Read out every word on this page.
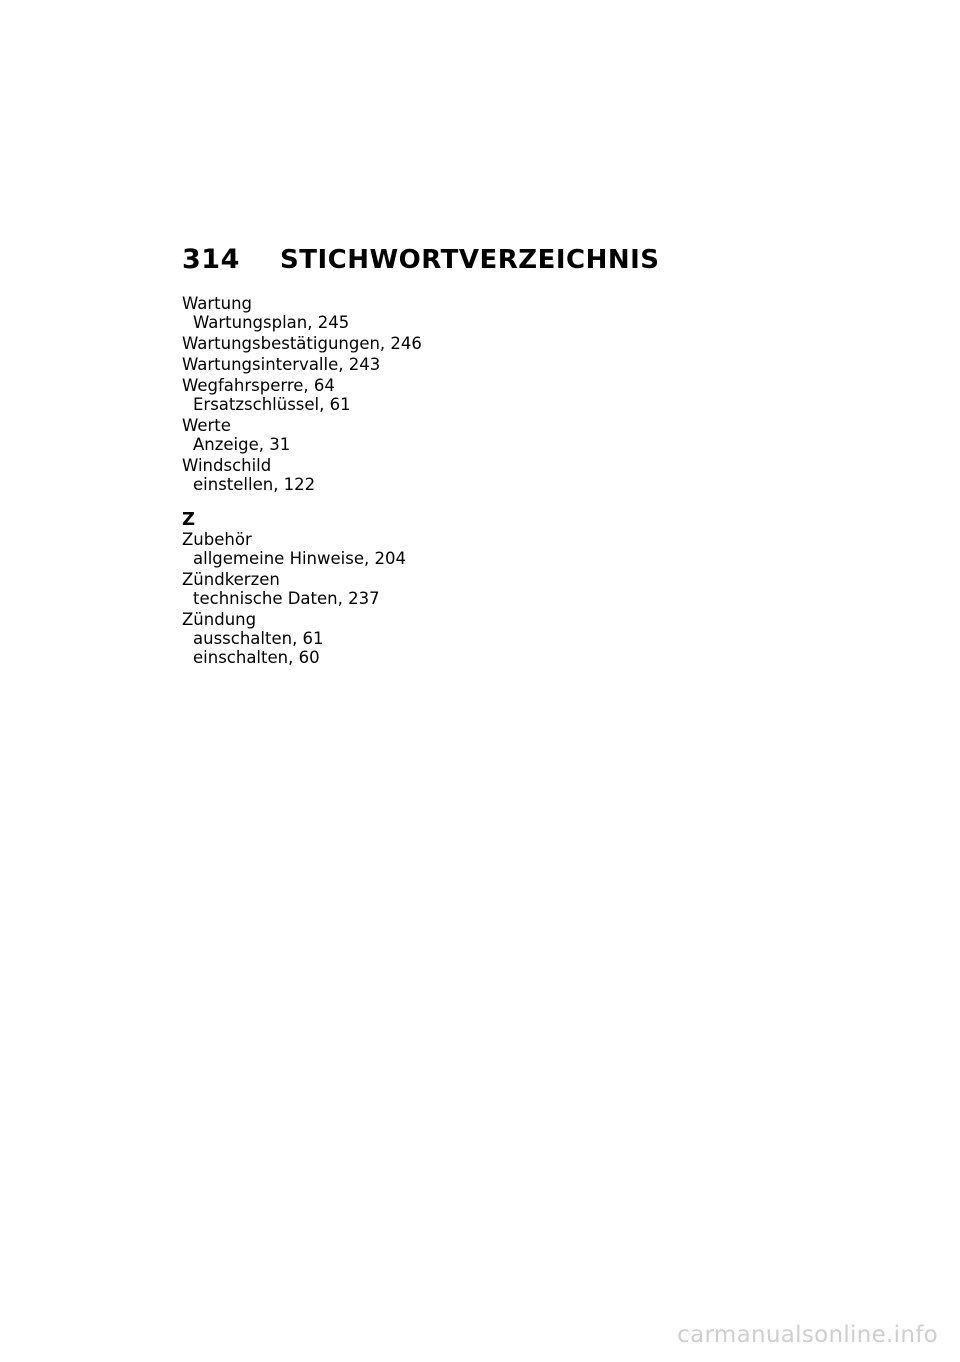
314	STICHWORTVERZEICHNIS
Wartung
Wartungsplan, 245
Wartungsbestätigungen, 246
Wartungsintervalle, 243
Wegfahrsperre, 64
Ersatzschlüssel, 61
Werte
Anzeige, 31
Windschild
einstellen, 122
Z
Zubehör
allgemeine Hinweise, 204
Zündkerzen
technische Daten, 237
Zündung
ausschalten, 61
einschalten, 60
carmanualsonline.info
